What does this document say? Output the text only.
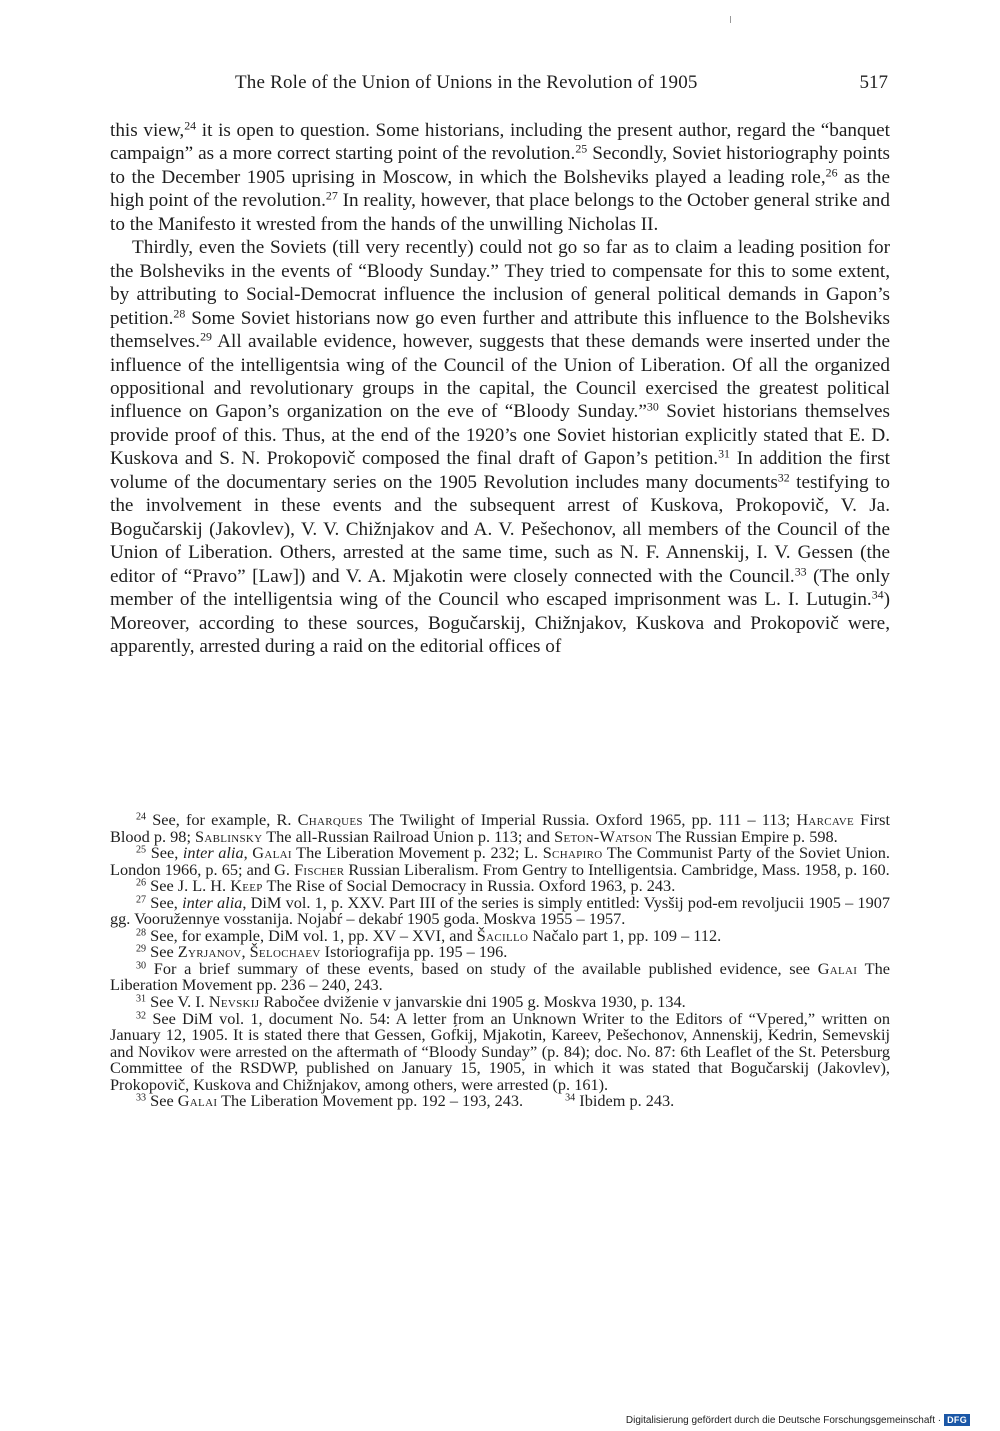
The Role of the Union of Unions in the Revolution of 1905	517

this view,$^{24}$ it is open to question. Some historians, including the present author, regard the “banquet campaign” as a more correct starting point of the revolution.$^{25}$ Secondly, Soviet historiography points to the December 1905 uprising in Moscow, in which the Bolsheviks played a leading role,$^{26}$ as the high point of the revolution.$^{27}$ In reality, however, that place belongs to the October general strike and to the Manifesto it wrested from the hands of the unwilling Nicholas II.

Thirdly, even the Soviets (till very recently) could not go so far as to claim a leading position for the Bolsheviks in the events of “Bloody Sunday.” They tried to compensate for this to some extent, by attributing to Social-Democrat influence the inclusion of general political demands in Gapon’s petition.$^{28}$ Some Soviet historians now go even further and attribute this influence to the Bolsheviks themselves.$^{29}$ All available evidence, however, suggests that these demands were inserted under the influence of the intelligentsia wing of the Council of the Union of Liberation. Of all the organized oppositional and revolutionary groups in the capital, the Council exercised the greatest political influence on Gapon’s organization on the eve of “Bloody Sunday.”$^{30}$ Soviet historians themselves provide proof of this. Thus, at the end of the 1920’s one Soviet historian explicitly stated that E. D. Kuskova and S. N. Prokopovič composed the final draft of Gapon’s petition.$^{31}$ In addition the first volume of the documentary series on the 1905 Revolution includes many documents$^{32}$ testifying to the involvement in these events and the subsequent arrest of Kuskova, Prokopovič, V. Ja. Bogučarskij (Jakovlev), V. V. Chižnjakov and A. V. Pešechonov, all members of the Council of the Union of Liberation. Others, arrested at the same time, such as N. F. Annenskij, I. V. Gessen (the editor of “Pravo” [Law]) and V. A. Mjakotin were closely connected with the Council.$^{33}$ (The only member of the intelligentsia wing of the Council who escaped imprisonment was L. I. Lutugin.$^{34}$) Moreover, according to these sources, Bogučarskij, Chižnjakov, Kuskova and Prokopovič were, apparently, arrested during a raid on the editorial offices of

$^{24}$ See, for example, R. Charques The Twilight of Imperial Russia. Oxford 1965, pp. 111 – 113; Harcave First Blood p. 98; Sablinsky The all-Russian Railroad Union p. 113; and Seton-Watson The Russian Empire p. 598.

$^{25}$ See, inter alia, Galai The Liberation Movement p. 232; L. Schapiro The Communist Party of the Soviet Union. London 1966, p. 65; and G. Fischer Russian Liberalism. From Gentry to Intelligentsia. Cambridge, Mass. 1958, p. 160.

$^{26}$ See J. L. H. Keep The Rise of Social Democracy in Russia. Oxford 1963, p. 243.

$^{27}$ See, inter alia, DiM vol. 1, p. XXV. Part III of the series is simply entitled: Vysšij pod-em revoljucii 1905 – 1907 gg. Vooružennye vosstanija. Nojabŕ – dekabŕ 1905 goda. Moskva 1955 – 1957.

$^{28}$ See, for example, DiM vol. 1, pp. XV – XVI, and Šacillo Načalo part 1, pp. 109 – 112.

$^{29}$ See Zyrjanov, Šelochaev Istoriografija pp. 195 – 196.

$^{30}$ For a brief summary of these events, based on study of the available published evidence, see Galai The Liberation Movement pp. 236 – 240, 243.

$^{31}$ See V. I. Nevskij Rabočee dviženie v janvarskie dni 1905 g. Moskva 1930, p. 134.

$^{32}$ See DiM vol. 1, document No. 54: A letter from an Unknown Writer to the Editors of “Vpered,” written on January 12, 1905. It is stated there that Gessen, Gof́kij, Mjakotin, Kareev, Pešechonov, Annenskij, Kedrin, Semevskij and Novikov were arrested on the aftermath of “Bloody Sunday” (p. 84); doc. No. 87: 6th Leaflet of the St. Petersburg Committee of the RSDWP, published on January 15, 1905, in which it was stated that Bogučarskij (Jakovlev), Prokopovič, Kuskova and Chižnjakov, among others, were arrested (p. 161).

$^{33}$ See Galai The Liberation Movement pp. 192 – 193, 243.	$^{34}$ Ibidem p. 243.

Digitalisierung gefördert durch die Deutsche Forschungsgemeinschaft · DFG
